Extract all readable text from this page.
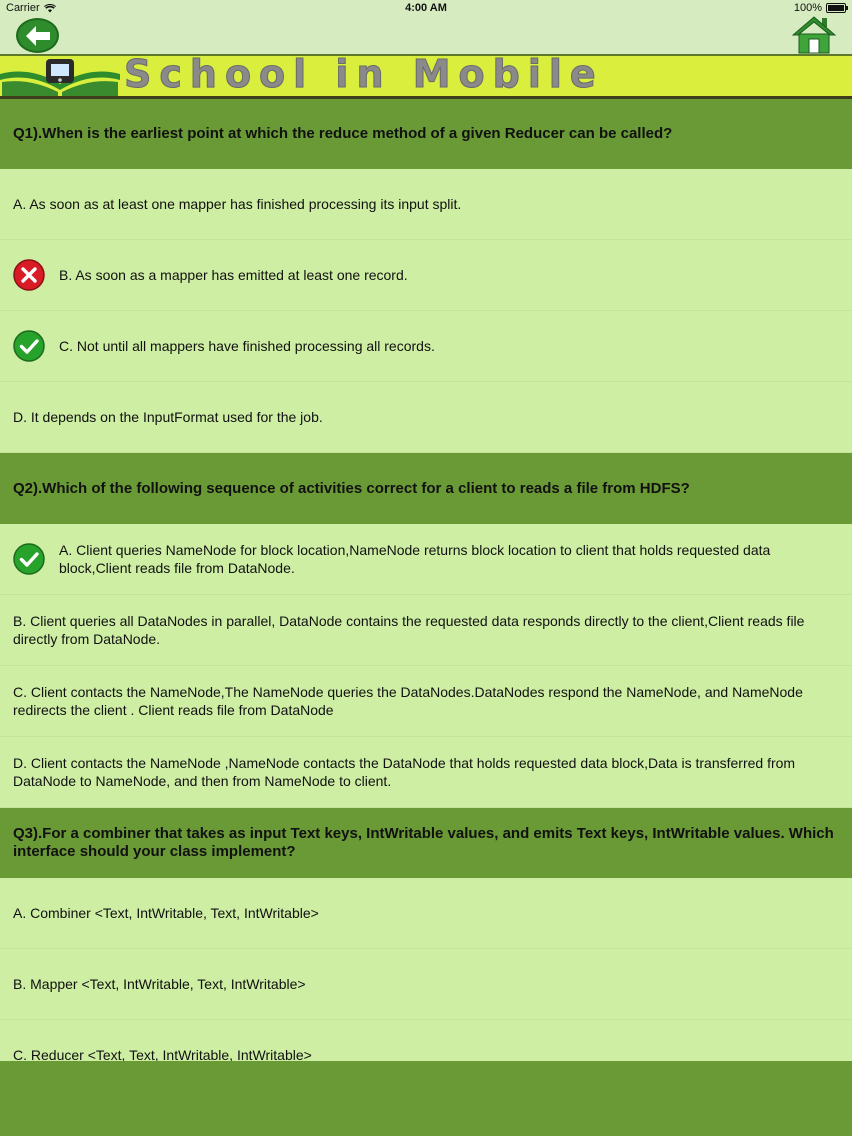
Carrier	4:00 AM	100%
School in Mobile
Q1).When is the earliest point at which the reduce method of a given Reducer can be called?
A. As soon as at least one mapper has finished processing its input split.
B. As soon as a mapper has emitted at least one record.
C. Not until all mappers have finished processing all records.
D. It depends on the InputFormat used for the job.
Q2).Which of the following sequence of activities correct for a client to reads a file from HDFS?
A. Client queries NameNode for block location,NameNode returns block location to client that holds requested data block,Client reads file from DataNode.
B. Client queries all DataNodes in parallel, DataNode contains the requested data responds directly to the client,Client reads file directly from DataNode.
C. Client contacts the NameNode,The NameNode queries the DataNodes.DataNodes respond the NameNode, and NameNode redirects the client . Client reads file from DataNode
D. Client contacts the NameNode ,NameNode contacts the DataNode that holds requested data block,Data is transferred from DataNode to NameNode, and then from NameNode to client.
Q3).For a combiner that takes as input Text keys, IntWritable values, and emits Text keys, IntWritable values. Which interface should your class implement?
A. Combiner <Text, IntWritable, Text, IntWritable>
B. Mapper <Text, IntWritable, Text, IntWritable>
C. Reducer <Text, Text, IntWritable, IntWritable>
